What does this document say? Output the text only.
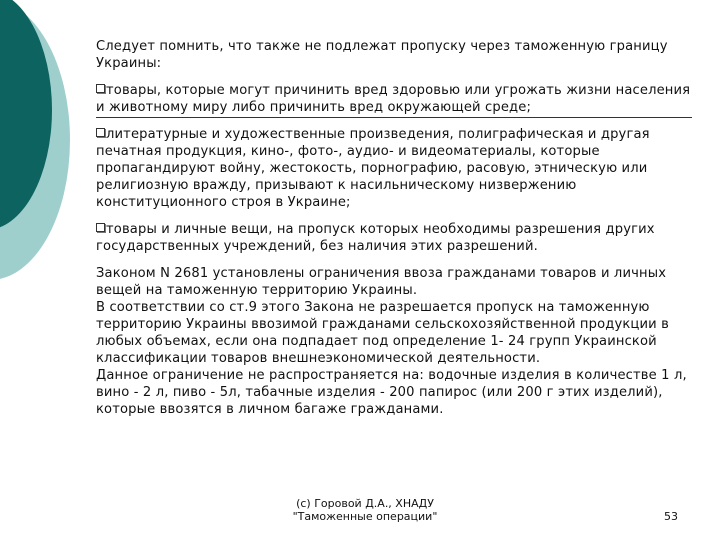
Следует помнить, что также не подлежат пропуску через таможенную границу Украины:

товары, которые могут причинить вред здоровью или угрожать жизни населения и животному миру либо причинить вред окружающей среде;

литературные и художественные произведения, полиграфическая и другая печатная продукция, кино-, фото-, аудио- и видеоматериалы, которые пропагандируют войну, жестокость, порнографию, расовую, этническую или религиозную вражду, призывают к насильническому низвержению конституционного строя в Украине;

товары и личные вещи, на пропуск которых необходимы разрешения других государственных учреждений, без наличия этих разрешений.

Законом N 2681 установлены ограничения ввоза гражданами товаров и личных вещей на таможенную территорию Украины.
В соответствии со ст.9 этого Закона не разрешается пропуск на таможенную территорию Украины ввозимой гражданами сельскохозяйственной продукции в любых объемах, если она подпадает под определение 1- 24 групп Украинской классификации товаров внешнеэкономической деятельности.
Данное ограничение не распространяется на: водочные изделия в количестве 1 л, вино - 2 л, пиво - 5л, табачные изделия - 200 папирос (или 200 г этих изделий), которые ввозятся в личном багаже гражданами.

(c) Горовой Д.А., ХНАДУ
"Таможенные операции"	53
